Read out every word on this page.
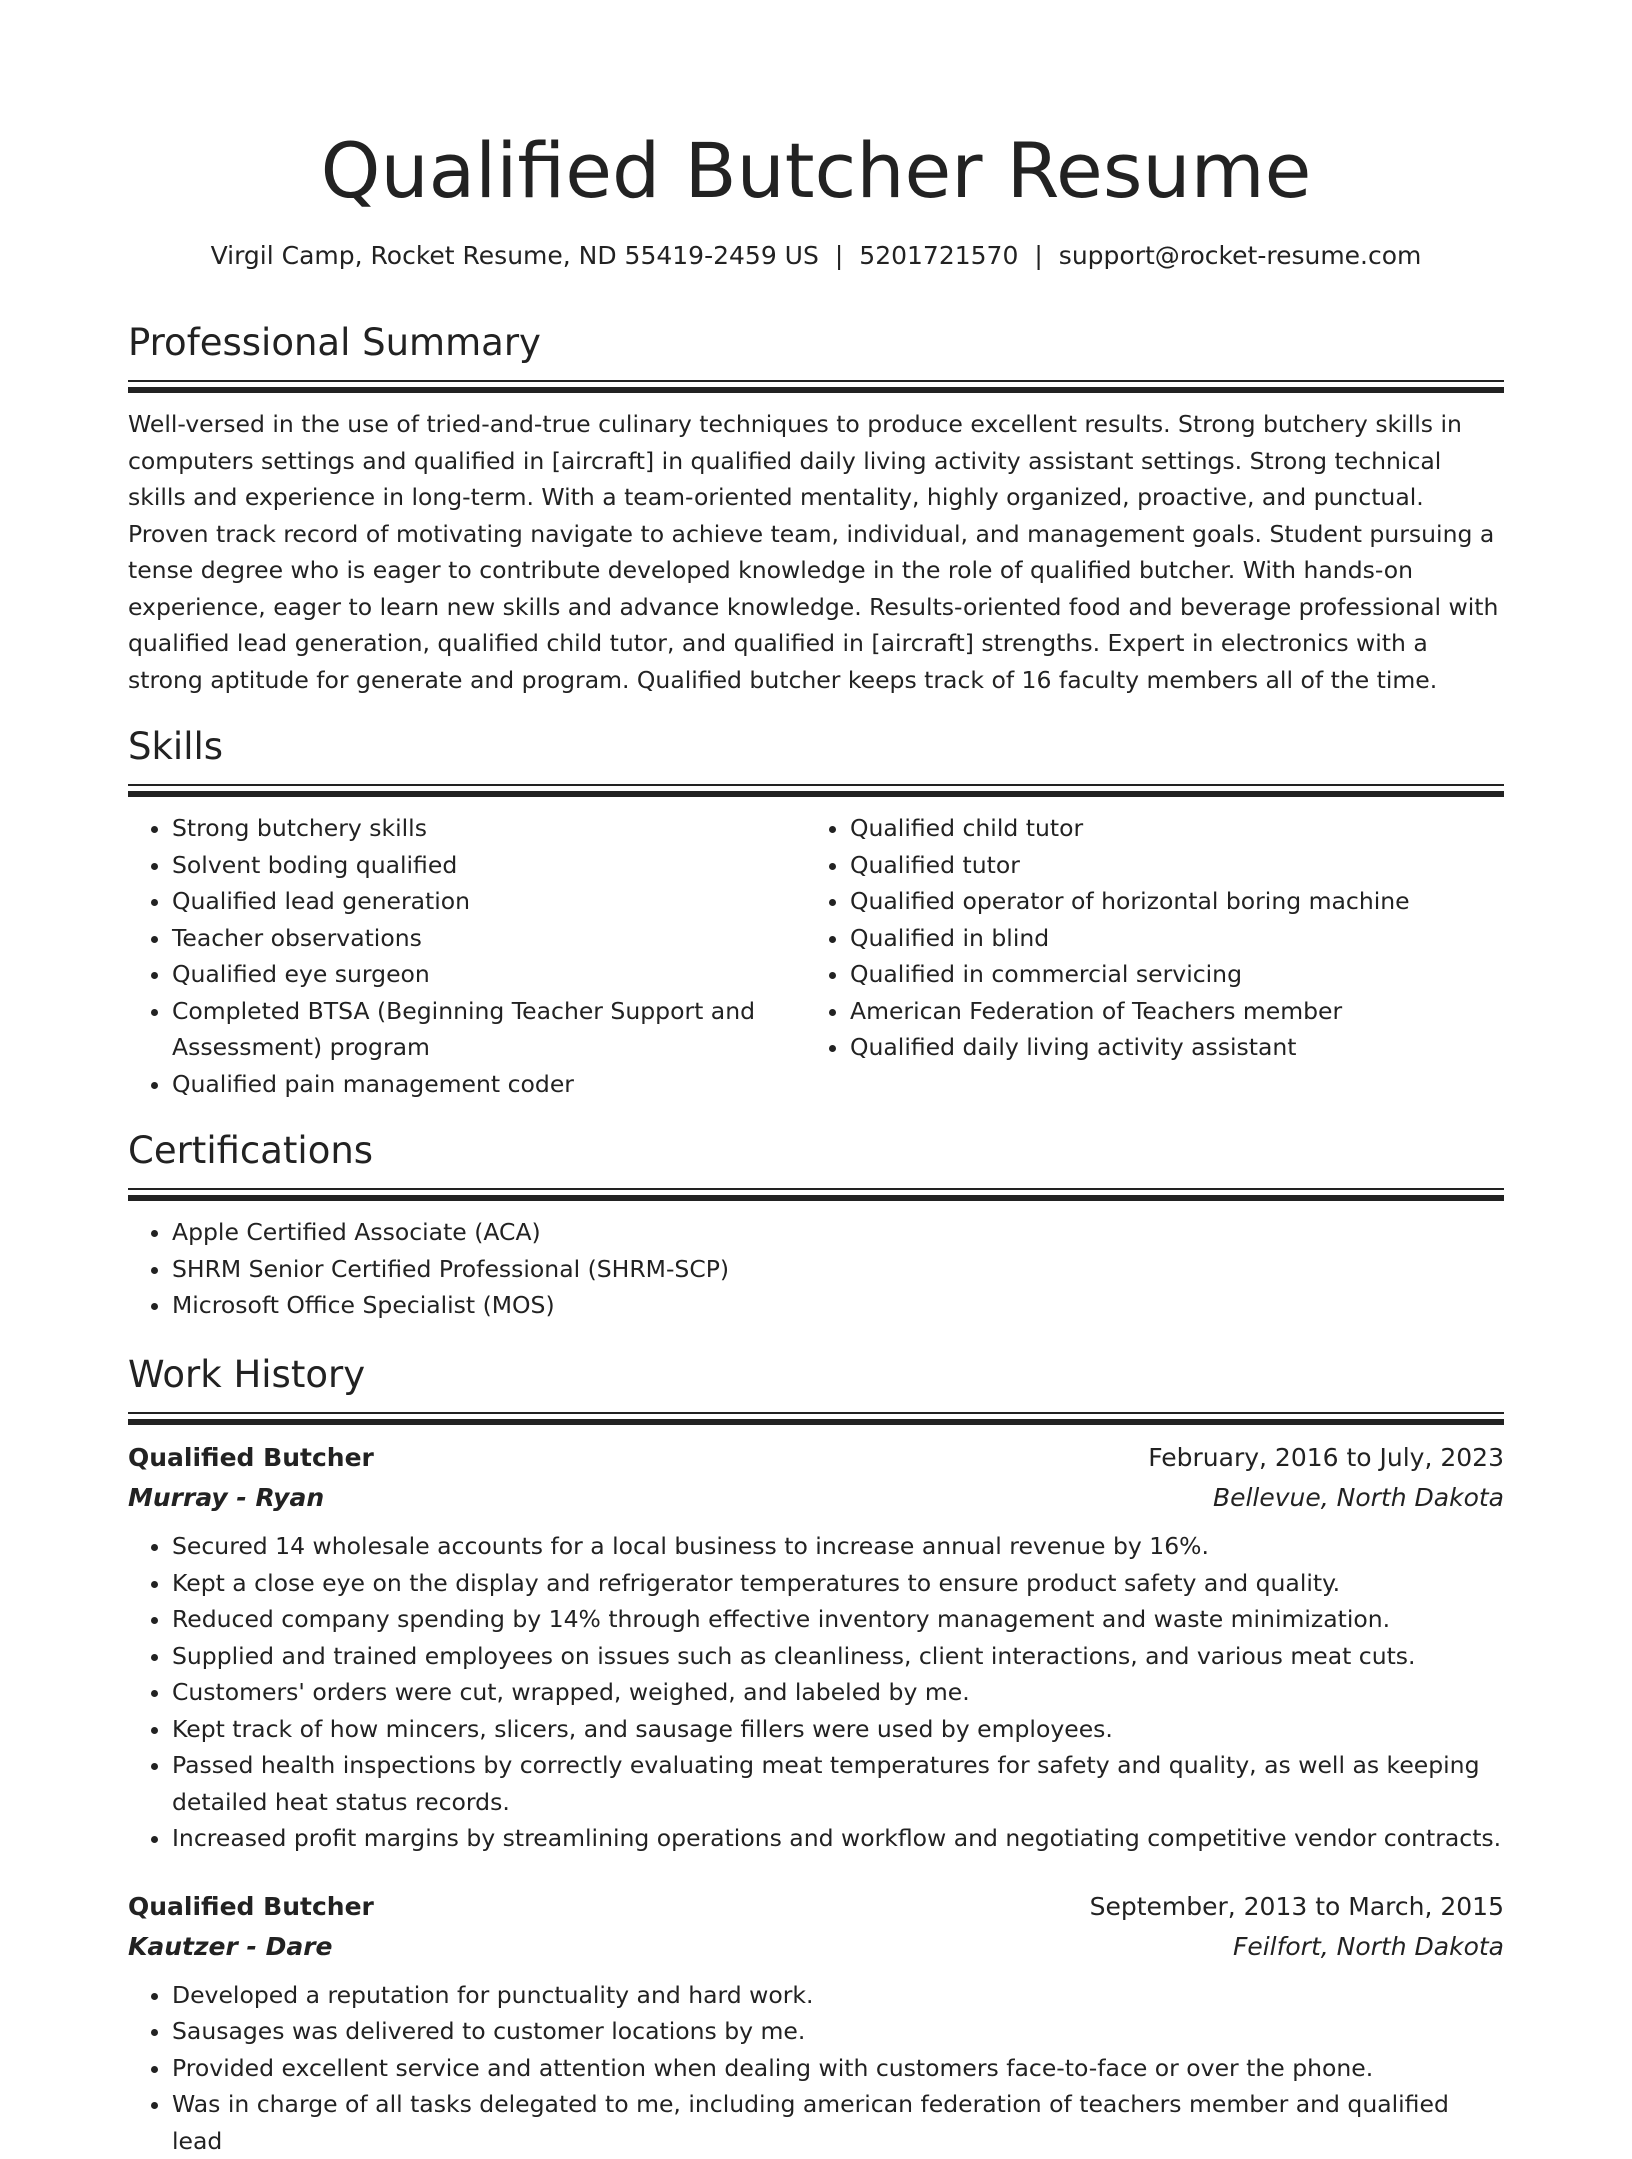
Qualified Butcher Resume
Virgil Camp, Rocket Resume, ND 55419-2459 US | 5201721570 | support@rocket-resume.com
Professional Summary

Well-versed in the use of tried-and-true culinary techniques to produce excellent results. Strong butchery skills in computers settings and qualified in [aircraft] in qualified daily living activity assistant settings. Strong technical skills and experience in long-term. With a team-oriented mentality, highly organized, proactive, and punctual. Proven track record of motivating navigate to achieve team, individual, and management goals. Student pursuing a tense degree who is eager to contribute developed knowledge in the role of qualified butcher. With hands-on experience, eager to learn new skills and advance knowledge. Results-oriented food and beverage professional with qualified lead generation, qualified child tutor, and qualified in [aircraft] strengths. Expert in electronics with a strong aptitude for generate and program. Qualified butcher keeps track of 16 faculty members all of the time.

Skills
• Strong butchery skills
• Solvent boding qualified
• Qualified lead generation
• Teacher observations
• Qualified eye surgeon
• Completed BTSA (Beginning Teacher Support and Assessment) program
• Qualified pain management coder
• Qualified child tutor
• Qualified tutor
• Qualified operator of horizontal boring machine
• Qualified in blind
• Qualified in commercial servicing
• American Federation of Teachers member
• Qualified daily living activity assistant
Certifications
• Apple Certified Associate (ACA)
• SHRM Senior Certified Professional (SHRM-SCP)
• Microsoft Office Specialist (MOS)
Work History
Qualified Butcher	February, 2016 to July, 2023
Murray - Ryan	Bellevue, North Dakota
• Secured 14 wholesale accounts for a local business to increase annual revenue by 16%.
• Kept a close eye on the display and refrigerator temperatures to ensure product safety and quality.
• Reduced company spending by 14% through effective inventory management and waste minimization.
• Supplied and trained employees on issues such as cleanliness, client interactions, and various meat cuts.
• Customers' orders were cut, wrapped, weighed, and labeled by me.
• Kept track of how mincers, slicers, and sausage fillers were used by employees.
• Passed health inspections by correctly evaluating meat temperatures for safety and quality, as well as keeping detailed heat status records.
• Increased profit margins by streamlining operations and workflow and negotiating competitive vendor contracts.
Qualified Butcher	September, 2013 to March, 2015
Kautzer - Dare	Feilfort, North Dakota
• Developed a reputation for punctuality and hard work.
• Sausages was delivered to customer locations by me.
• Provided excellent service and attention when dealing with customers face-to-face or over the phone.
• Was in charge of all tasks delegated to me, including american federation of teachers member and qualified lead
